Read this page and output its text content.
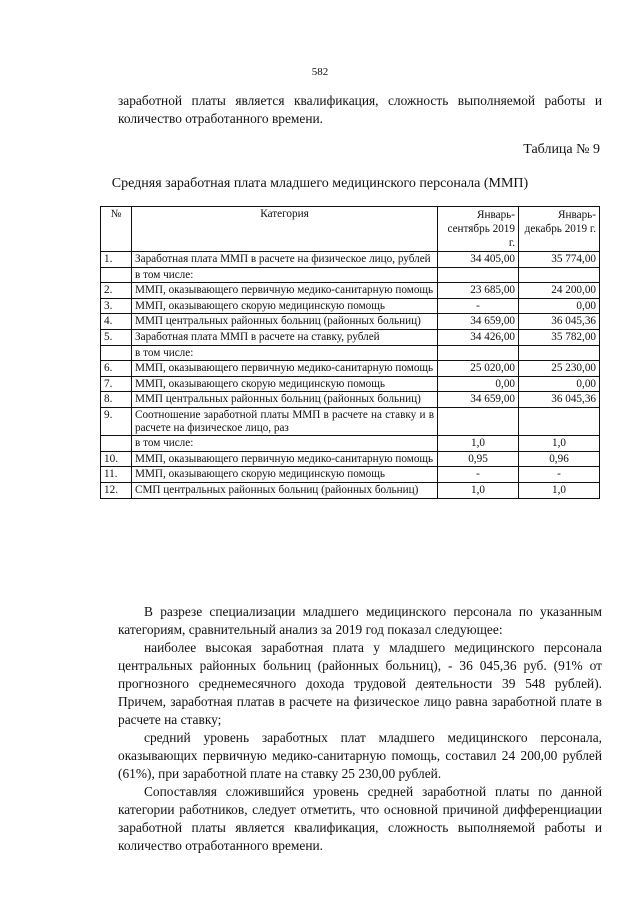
582
заработной платы является квалификация, сложность выполняемой работы и количество отработанного времени.
Таблица № 9
Средняя заработная плата младшего медицинского персонала (ММП)
№	Категория	Январь-сентябрь 2019 г.	Январь-декабрь 2019 г.
1.	Заработная плата ММП в расчете на физическое лицо, рублей	34 405,00	35 774,00
	в том числе:		
2.	ММП, оказывающего первичную медико-санитарную помощь	23 685,00	24 200,00
3.	ММП, оказывающего скорую медицинскую помощь	-	0,00
4.	ММП центральных районных больниц (районных больниц)	34 659,00	36 045,36
5.	Заработная плата ММП в расчете на ставку, рублей	34 426,00	35 782,00
	в том числе:		
6.	ММП, оказывающего первичную медико-санитарную помощь	25 020,00	25 230,00
7.	ММП, оказывающего скорую медицинскую помощь	0,00	0,00
8.	ММП центральных районных больниц (районных больниц)	34 659,00	36 045,36
9.	Соотношение заработной платы ММП в расчете на ставку и в расчете на физическое лицо, раз		
	в том числе:	1,0	1,0
10.	ММП, оказывающего первичную медико-санитарную помощь	0,95	0,96
11.	ММП, оказывающего скорую медицинскую помощь	-	-
12.	СМП центральных районных больниц (районных больниц)	1,0	1,0

В разрезе специализации младшего медицинского персонала по указанным категориям, сравнительный анализ за 2019 год показал следующее:

наиболее высокая заработная плата у младшего медицинского персонала центральных районных больниц (районных больниц), - 36 045,36 руб. (91% от прогнозного среднемесячного дохода трудовой деятельности 39 548 рублей). Причем, заработная платав в расчете на физическое лицо равна заработной плате в расчете на ставку;

средний уровень заработных плат младшего медицинского персонала, оказывающих первичную медико-санитарную помощь, составил 24 200,00 рублей (61%), при заработной плате на ставку 25 230,00 рублей.

Сопоставляя сложившийся уровень средней заработной платы по данной категории работников, следует отметить, что основной причиной дифференциации заработной платы является квалификация, сложность выполняемой работы и количество отработанного времени.
